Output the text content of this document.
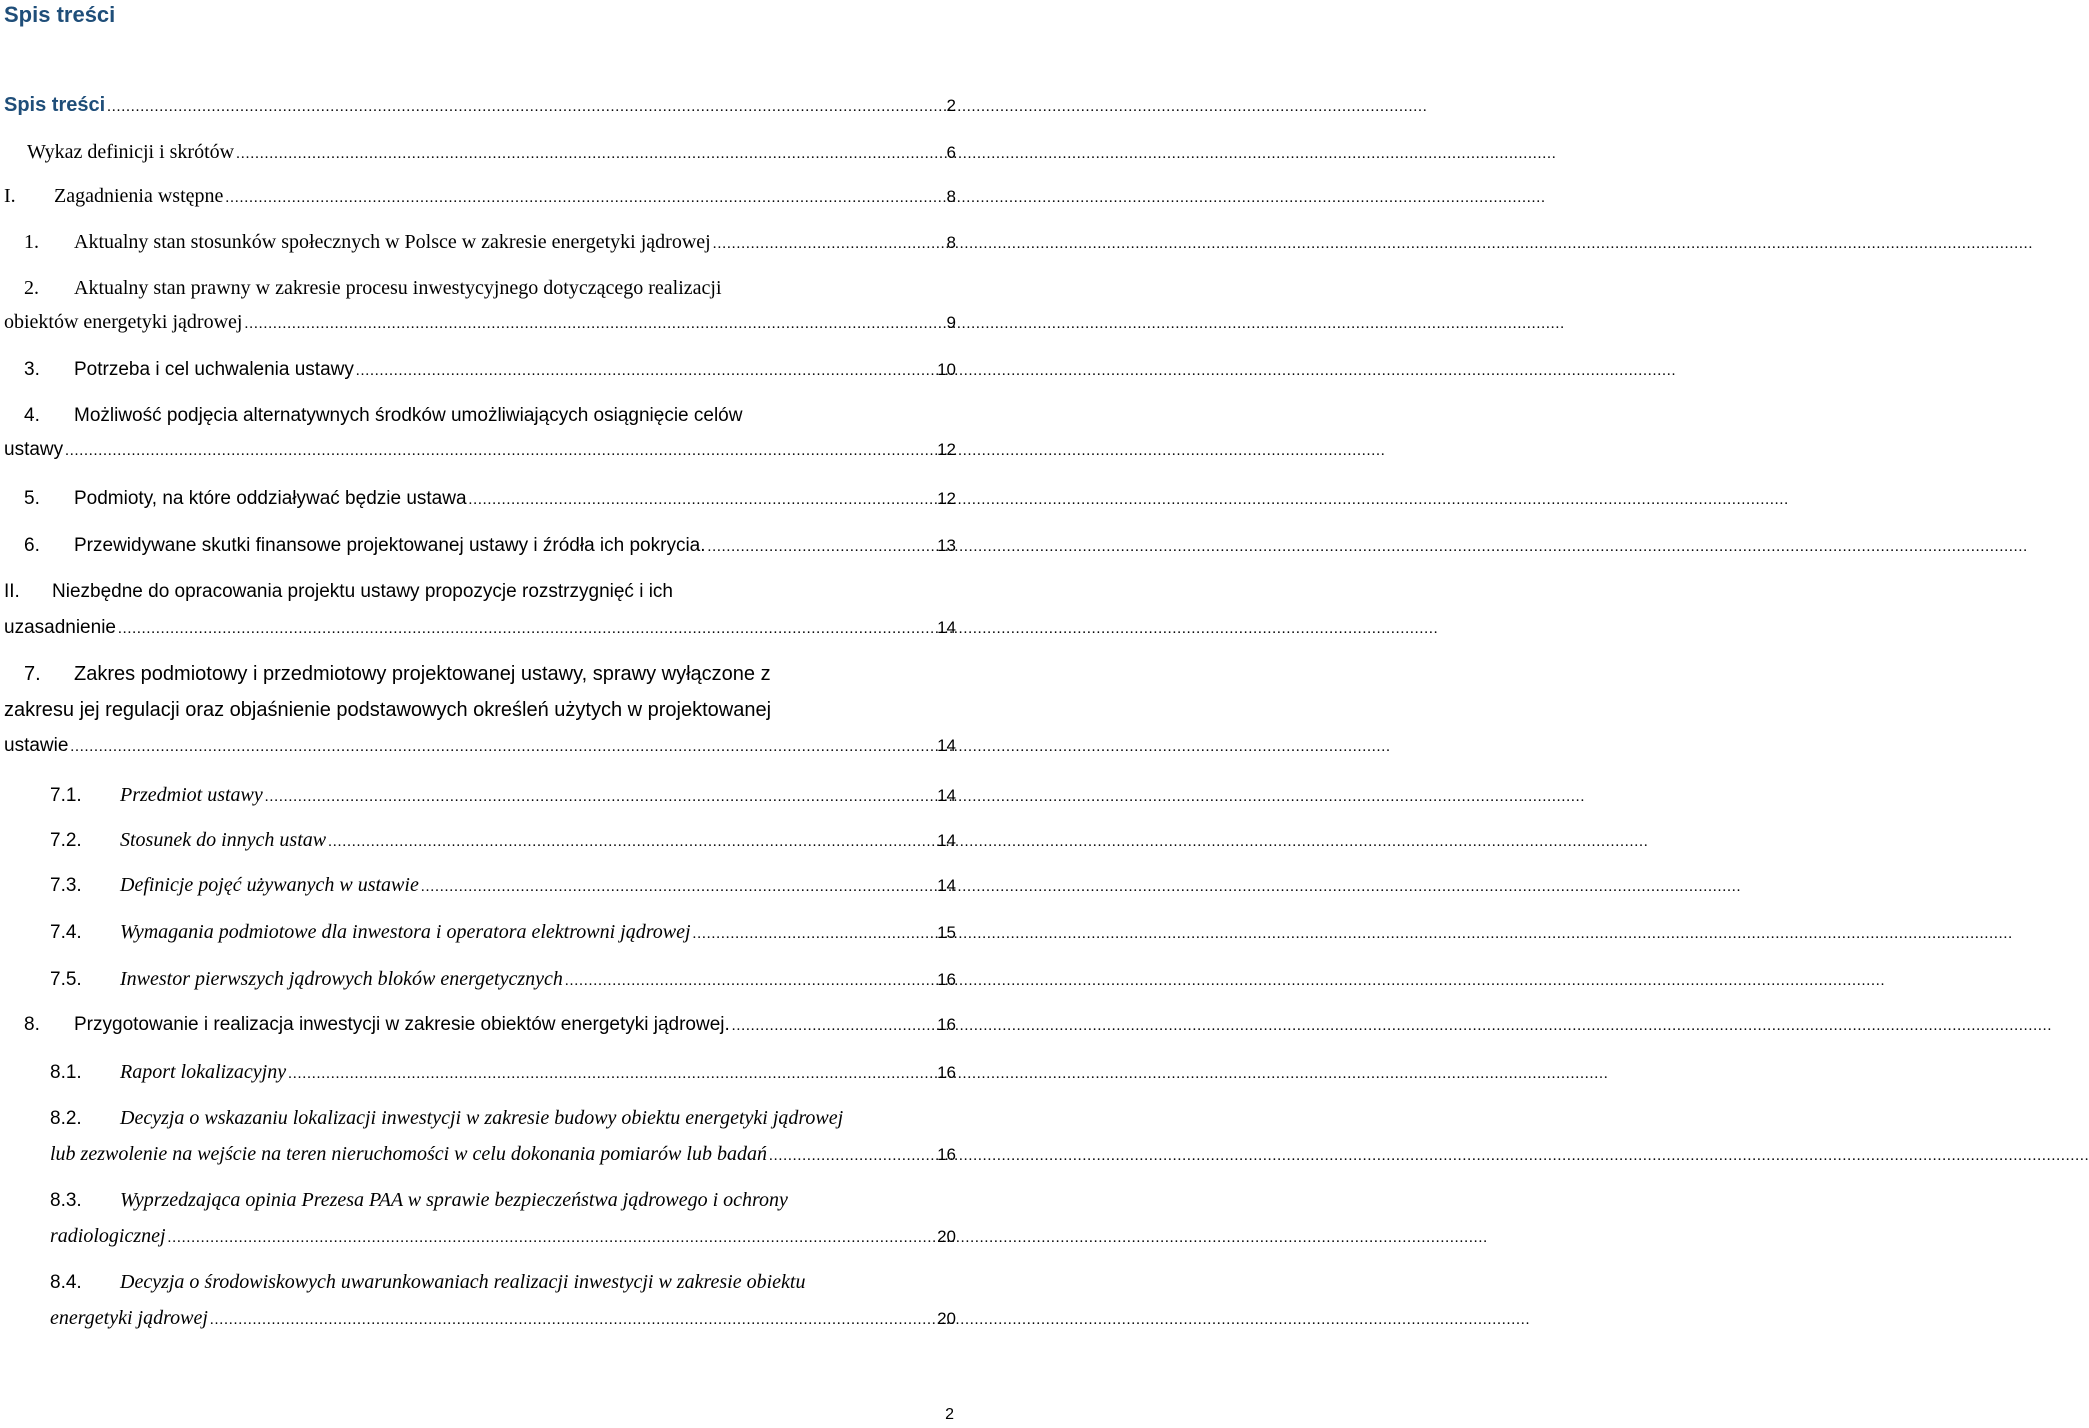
Spis treści
Spis treści .....	2
Wykaz definicji i skrótów .....	6
I.	Zagadnienia wstępne .....	8
1.	Aktualny stan stosunków społecznych w Polsce w zakresie energetyki jądrowej .....	8
2. Aktualny stan prawny w zakresie procesu inwestycyjnego dotyczącego realizacji
obiektów energetyki jądrowej .....	9
3.	Potrzeba i cel uchwalenia ustawy .....	10
4. Możliwość podjęcia alternatywnych środków umożliwiających osiągnięcie celów
ustawy .....	12
5.	Podmioty, na które oddziaływać będzie ustawa .....	12
6.	Przewidywane skutki finansowe projektowanej ustawy i źródła ich pokrycia. .....	13
II. Niezbędne do opracowania projektu ustawy propozycje rozstrzygnięć i ich
uzasadnienie .....	14
7. Zakres podmiotowy i przedmiotowy projektowanej ustawy, sprawy wyłączone z
zakresu jej regulacji oraz objaśnienie podstawowych określeń użytych w projektowanej
ustawie .....	14
7.1.	Przedmiot ustawy .....	14
7.2.	Stosunek do innych ustaw .....	14
7.3.	Definicje pojęć używanych w ustawie .....	14
7.4.	Wymagania podmiotowe dla inwestora i operatora elektrowni jądrowej .....	15
7.5.	Inwestor pierwszych jądrowych bloków energetycznych .....	16
8.	Przygotowanie i realizacja inwestycji w zakresie obiektów energetyki jądrowej. .....	16
8.1.	Raport lokalizacyjny .....	16
8.2. Decyzja o wskazaniu lokalizacji inwestycji w zakresie budowy obiektu energetyki jądrowej
lub zezwolenie na wejście na teren nieruchomości w celu dokonania pomiarów lub badań .....	16
8.3. Wyprzedzająca opinia Prezesa PAA w sprawie bezpieczeństwa jądrowego i ochrony
radiologicznej .....	20
8.4. Decyzja o środowiskowych uwarunkowaniach realizacji inwestycji w zakresie obiektu
energetyki jądrowej .....	20
2
